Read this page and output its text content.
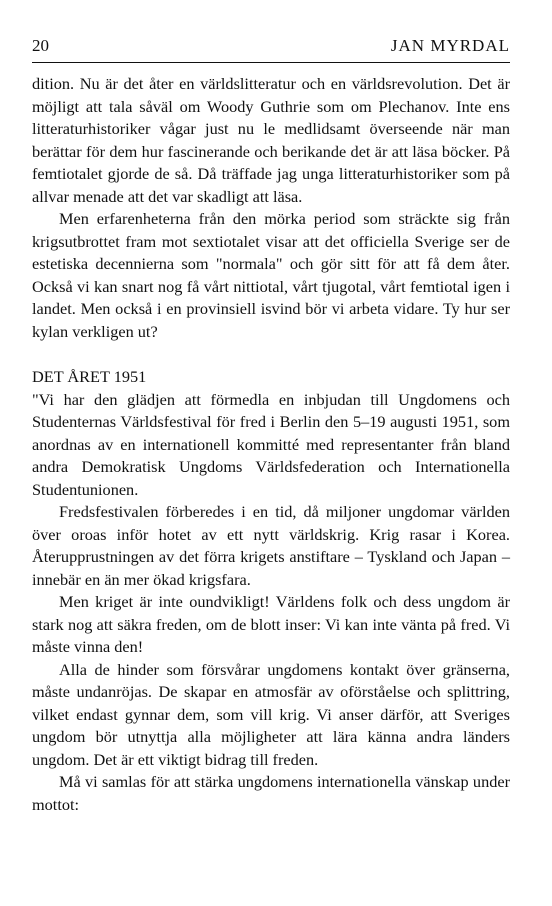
20	JAN MYRDAL

dition. Nu är det åter en världslitteratur och en världsrevolution. Det är möjligt att tala såväl om Woody Guthrie som om Plechanov. Inte ens litteraturhistoriker vågar just nu le medlidsamt överseende när man berättar för dem hur fascinerande och berikande det är att läsa böcker. På femtiotalet gjorde de så. Då träffade jag unga litteraturhistoriker som på allvar menade att det var skadligt att läsa.

Men erfarenheterna från den mörka period som sträckte sig från krigsutbrottet fram mot sextiotalet visar att det officiella Sverige ser de estetiska decennierna som "normala" och gör sitt för att få dem åter. Också vi kan snart nog få vårt nittiotal, vårt tjugotal, vårt femtiotal igen i landet. Men också i en provinsiell isvind bör vi arbeta vidare. Ty hur ser kylan verkligen ut?

DET ÅRET 1951

"Vi har den glädjen att förmedla en inbjudan till Ungdomens och Studenternas Världsfestival för fred i Berlin den 5–19 augusti 1951, som anordnas av en internationell kommitté med representanter från bland andra Demokratisk Ungdoms Världsfederation och Internationella Studentunionen.

Fredsfestivalen förberedes i en tid, då miljoner ungdomar världen över oroas inför hotet av ett nytt världskrig. Krig rasar i Korea. Återupprustningen av det förra krigets anstiftare – Tyskland och Japan – innebär en än mer ökad krigsfara.

Men kriget är inte oundvikligt! Världens folk och dess ungdom är stark nog att säkra freden, om de blott inser: Vi kan inte vänta på fred. Vi måste vinna den!

Alla de hinder som försvårar ungdomens kontakt över gränserna, måste undanröjas. De skapar en atmosfär av oförståelse och splittring, vilket endast gynnar dem, som vill krig. Vi anser därför, att Sveriges ungdom bör utnyttja alla möjligheter att lära känna andra länders ungdom. Det är ett viktigt bidrag till freden.

Må vi samlas för att stärka ungdomens internationella vänskap under mottot:
